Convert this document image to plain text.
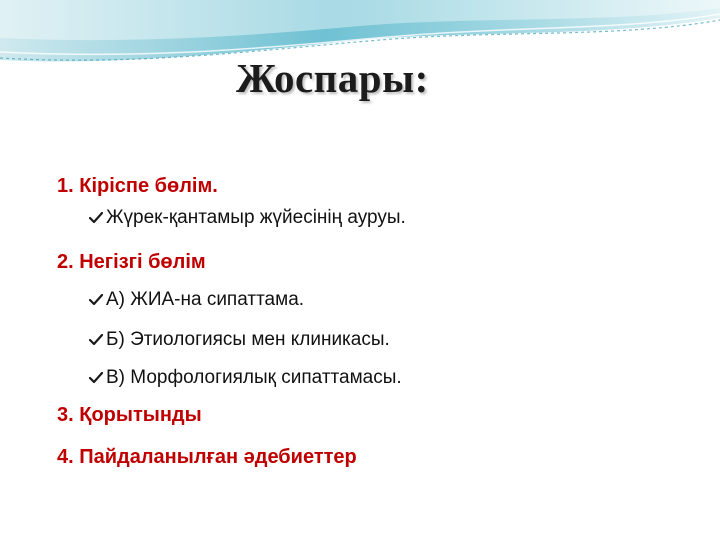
Жоспары:
1. Кіріспе бөлім.
Жүрек-қантамыр жүйесінің ауруы.
2. Негізгі бөлім
А) ЖИА-на сипаттама.
Б) Этиологиясы мен клиникасы.
В) Морфологиялық сипаттамасы.
3. Қорытынды
4. Пайдаланылған әдебиеттер
